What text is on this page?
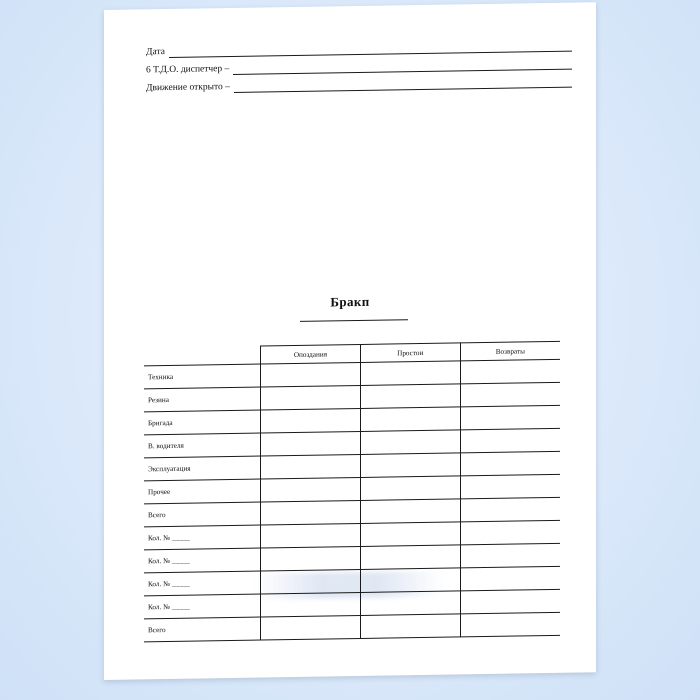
Дата
6 Т.Д.О. диспетчер –
Движение открыто –
Бракп
	Опоздания	Простои	Возвраты
Техника			
Резина			
Бригада			
В. водителя			
Эксплуатация			
Прочее			
Всего			
Кол. № _____			
Кол. № _____			
Кол. № _____			
Кол. № _____			
Всего			
